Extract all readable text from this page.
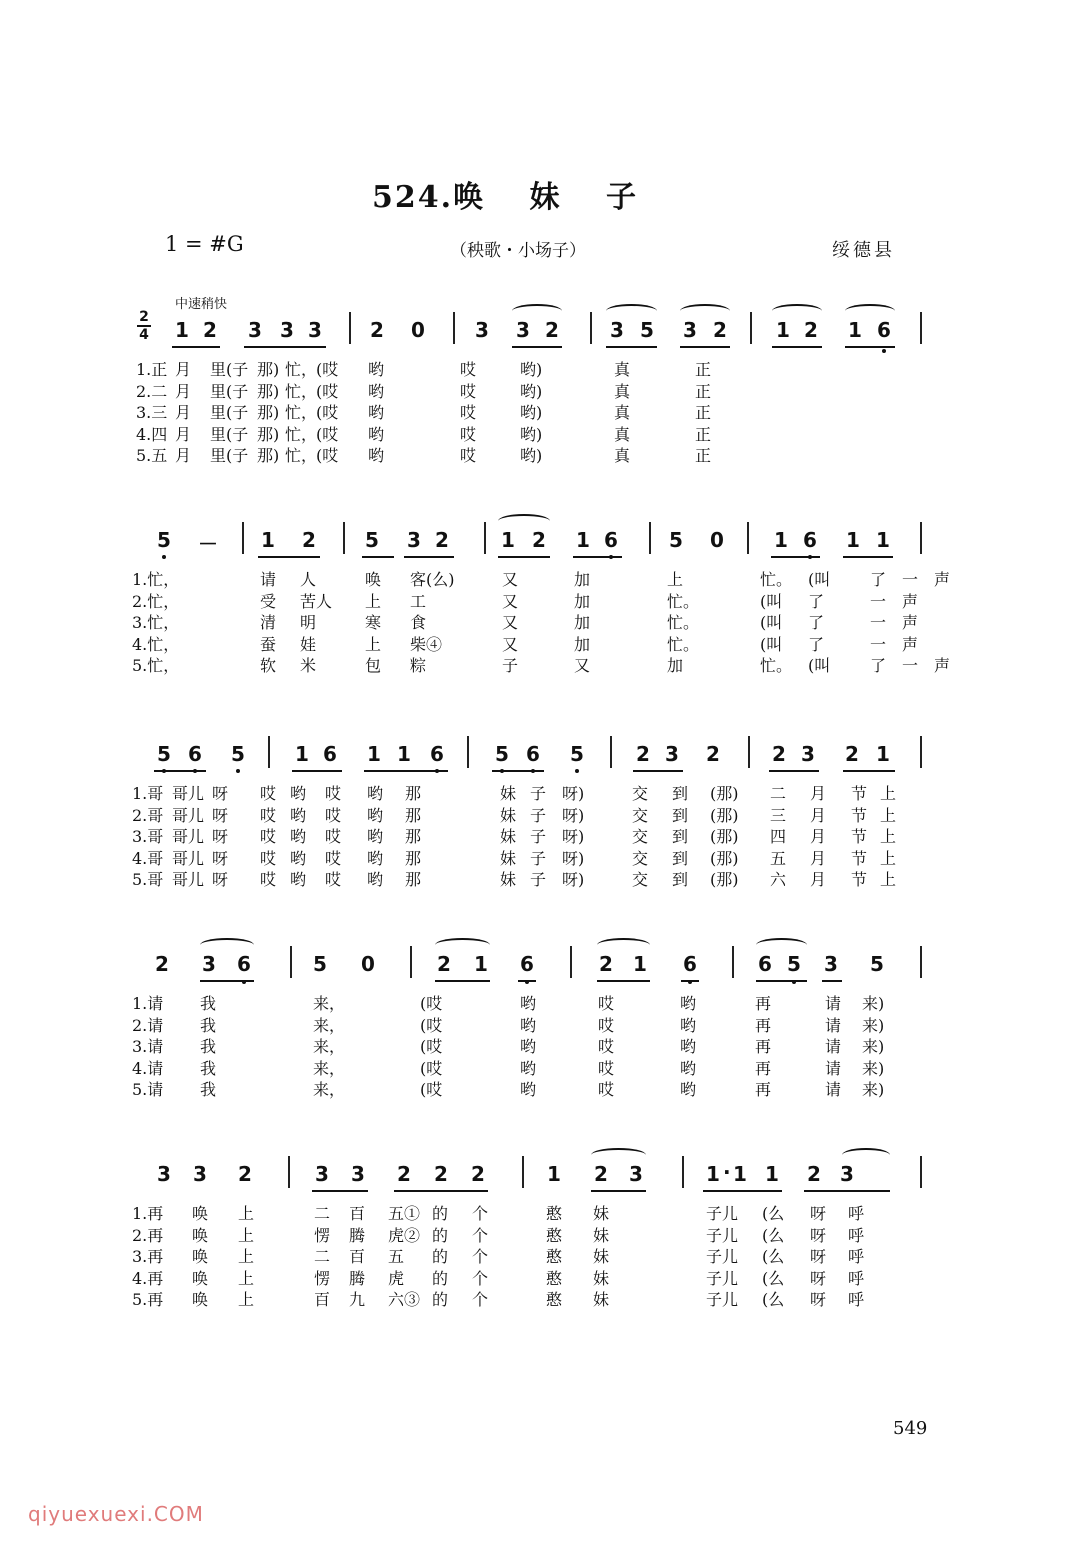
524.唤　 妹　 子
1 = #G	（秧歌・小场子）	绥德县
中速稍快
2
4 1 2 3 3 3 2 0	3 3 2	3 5 3 2 1 2 1 6
1.正 月 里(子 那) 忙，
(哎 哟	哎	哟)	真	正
2.二 月 里(子 那) 忙，
(哎 哟	哎	哟)	真	正
3.三 月 里(子 那) 忙，
(哎 哟	哎	哟)	真	正
4.四 月 里(子 那) 忙，
(哎 哟	哎	哟)	真	正
5.五 月 里(子 那) 忙，
(哎 哟	哎	哟)	真	正
5	1 2 5 3 2	1 2 1 6	5 0	1 6 1 1
－
1.忙，	请 人	唤 客(么)	又	加	上	忙。 (叫 了 一 声
2.忙，	受 苦人 上 工	又	加	忙。	(叫 了	一 声
3.忙，	清 明	寒 食	又	加	忙。	(叫 了	一 声
4.忙，	蚕 娃	上 柴④	又	加	忙。	(叫 了	一 声
5.忙，	软 米	包 粽	子	又	加	忙。 (叫 了 一 声
5 6 5	1 6 1 1 6	5 6 5	2 3 2	2 3 2 1
1.哥 哥儿 呀 哎 哟 哎 哟 那	妹 子 呀)	交 到 (那) 二 月 节 上
2.哥 哥儿 呀 哎 哟 哎 哟 那	妹 子 呀)	交 到 (那) 三 月 节 上
3.哥 哥儿 呀 哎 哟 哎 哟 那	妹 子 呀)	交 到 (那) 四 月 节 上
4.哥 哥儿 呀 哎 哟 哎 哟 那	妹 子 呀)	交 到 (那) 五 月 节 上
5.哥 哥儿 呀 哎 哟 哎 哟 那	妹 子 呀)	交 到 (那) 六 月 节 上
2 3 6	5 0	2 1 6	2 1 6	6 5 3 5
1.请 我	来，	(哎	哟	哎	哟	再	请 来)
2.请 我	来，	(哎	哟	哎	哟	再	请 来)
3.请 我	来，	(哎	哟	哎	哟	再	请 来)
4.请 我	来，	(哎	哟	哎	哟	再	请 来)
5.请 我	来，	(哎	哟	哎	哟	再	请 来)
3 3 2	3 3 2 2 2	1 2 3	1 1 1 2 3
·
1.再 唤 上	二 百 五① 的 个	憨 妹	子儿 (么 呀 呼
2.再 唤 上	愣 腾 虎② 的 个	憨 妹	子儿 (么 呀 呼
3.再 唤 上	二 百 五 的 个	憨 妹	子儿 (么 呀 呼
4.再 唤 上	愣 腾 虎 的 个	憨 妹	子儿 (么 呀 呼
5.再 唤 上	百 九 六③ 的 个	憨 妹	子儿 (么 呀 呼
549
qiyuexuexi.COM
